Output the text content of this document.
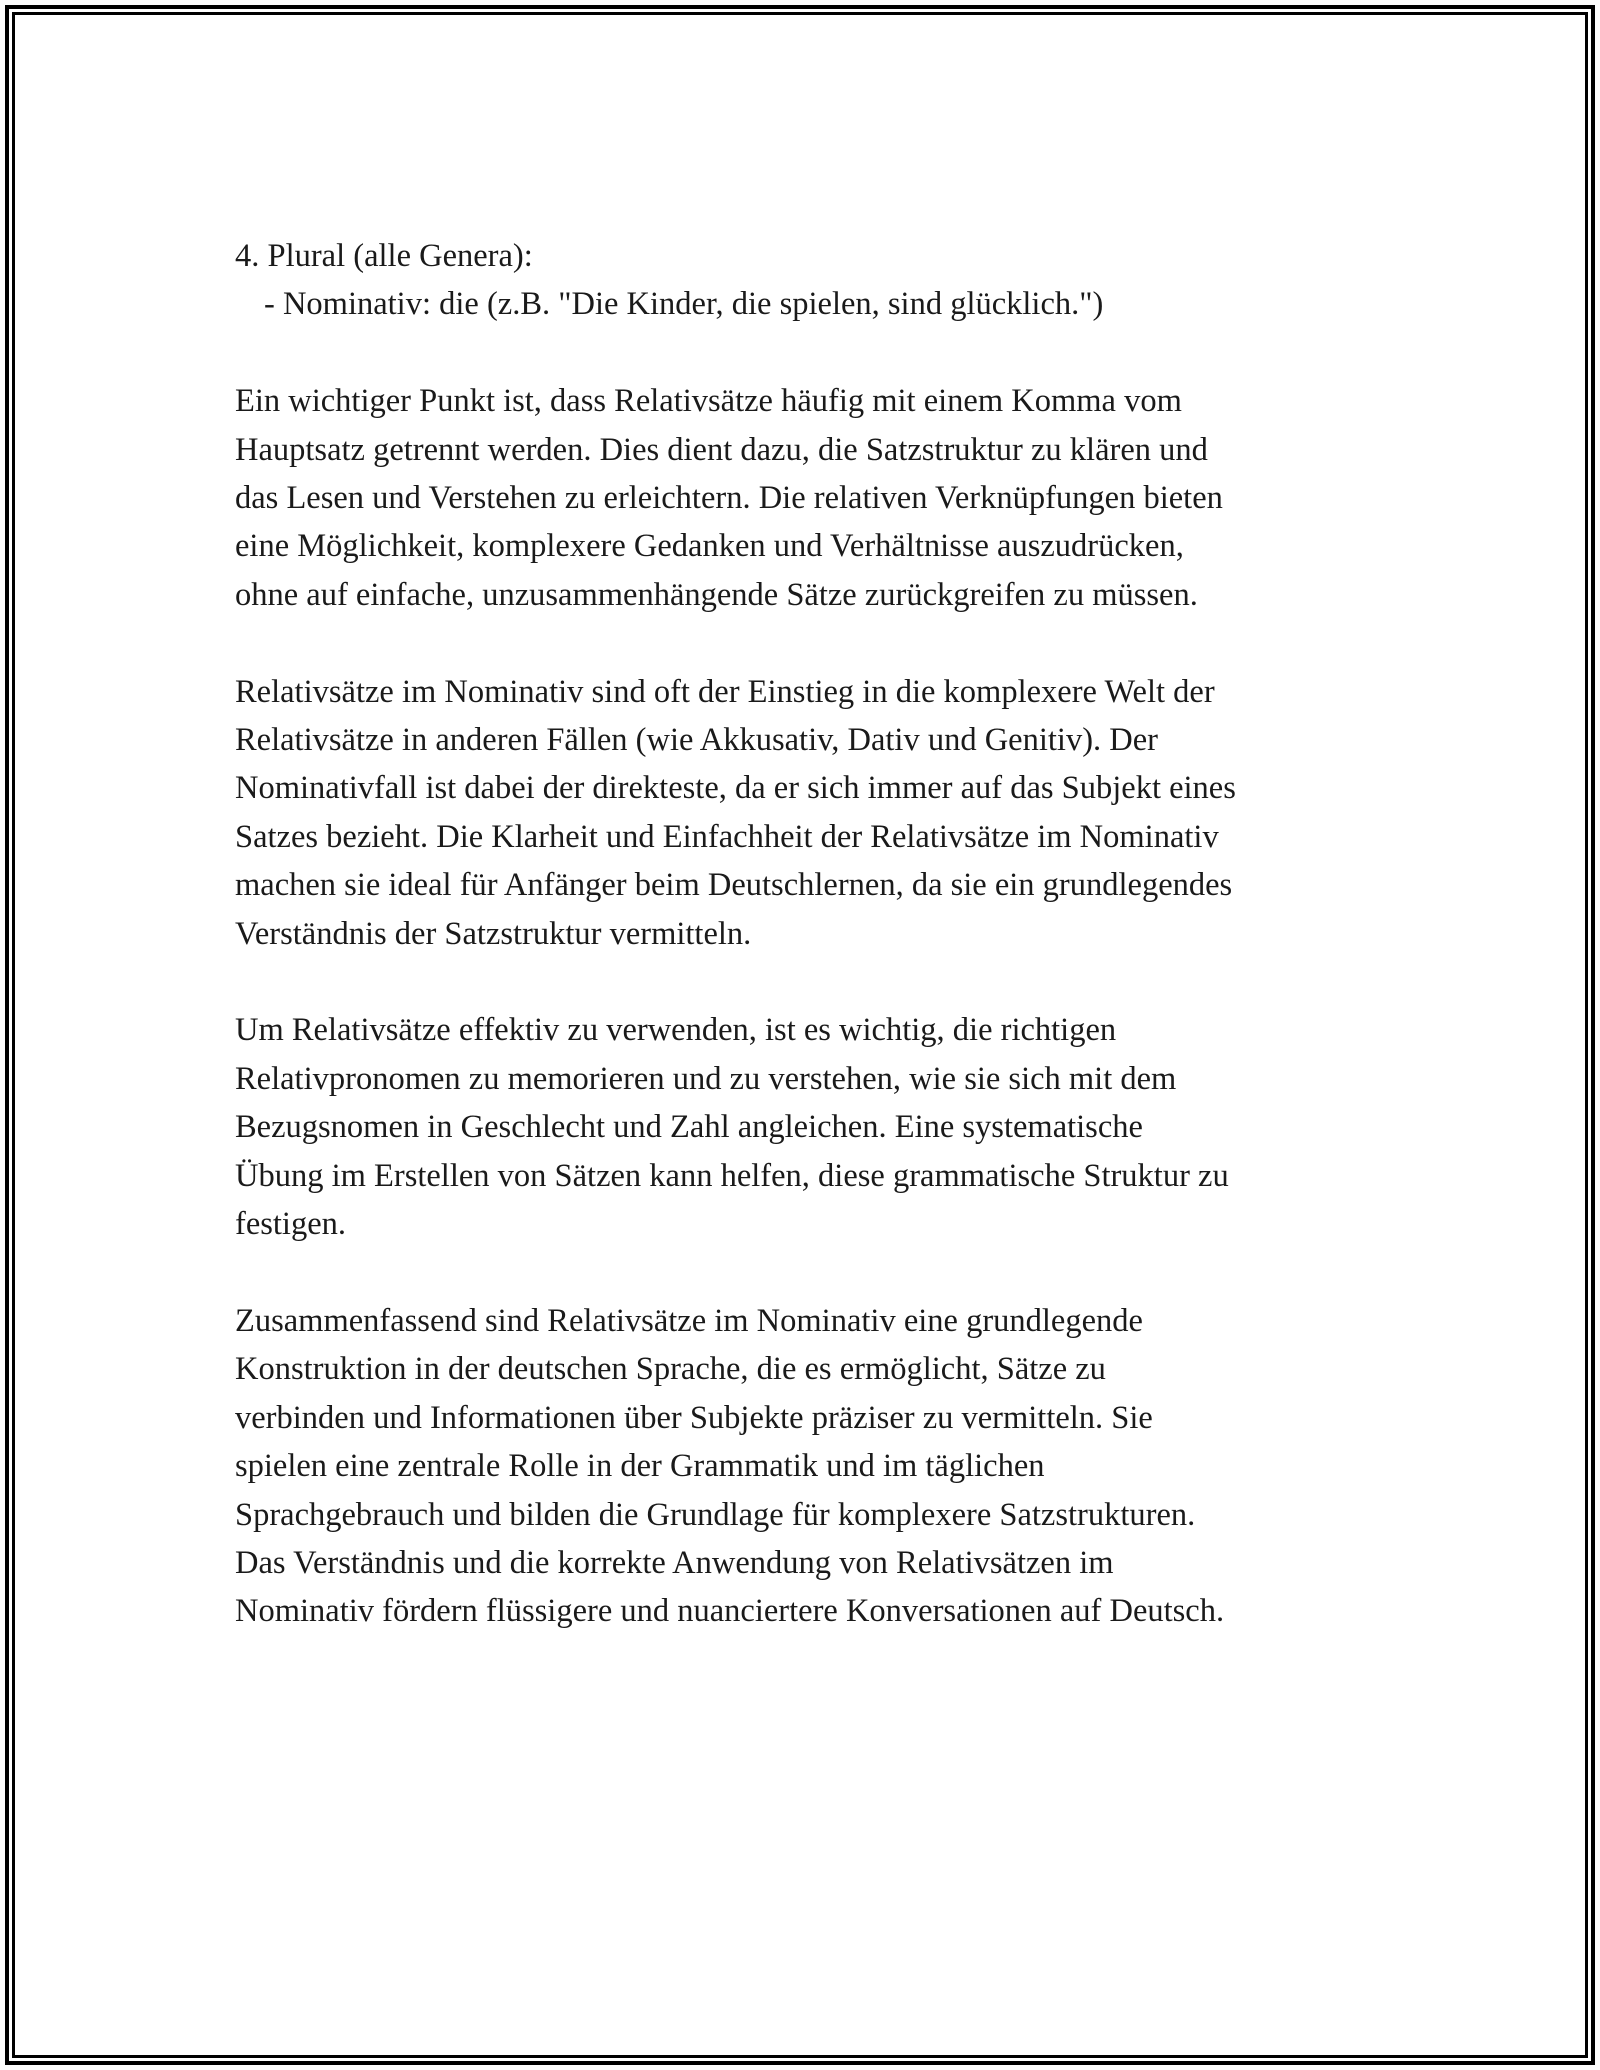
4. Plural (alle Genera):
- Nominativ: die (z.B. "Die Kinder, die spielen, sind glücklich.")
Ein wichtiger Punkt ist, dass Relativsätze häufig mit einem Komma vom
Hauptsatz getrennt werden. Dies dient dazu, die Satzstruktur zu klären und
das Lesen und Verstehen zu erleichtern. Die relativen Verknüpfungen bieten
eine Möglichkeit, komplexere Gedanken und Verhältnisse auszudrücken,
ohne auf einfache, unzusammenhängende Sätze zurückgreifen zu müssen.
Relativsätze im Nominativ sind oft der Einstieg in die komplexere Welt der
Relativsätze in anderen Fällen (wie Akkusativ, Dativ und Genitiv). Der
Nominativfall ist dabei der direkteste, da er sich immer auf das Subjekt eines
Satzes bezieht. Die Klarheit und Einfachheit der Relativsätze im Nominativ
machen sie ideal für Anfänger beim Deutschlernen, da sie ein grundlegendes
Verständnis der Satzstruktur vermitteln.
Um Relativsätze effektiv zu verwenden, ist es wichtig, die richtigen
Relativpronomen zu memorieren und zu verstehen, wie sie sich mit dem
Bezugsnomen in Geschlecht und Zahl angleichen. Eine systematische
Übung im Erstellen von Sätzen kann helfen, diese grammatische Struktur zu
festigen.
Zusammenfassend sind Relativsätze im Nominativ eine grundlegende
Konstruktion in der deutschen Sprache, die es ermöglicht, Sätze zu
verbinden und Informationen über Subjekte präziser zu vermitteln. Sie
spielen eine zentrale Rolle in der Grammatik und im täglichen
Sprachgebrauch und bilden die Grundlage für komplexere Satzstrukturen.
Das Verständnis und die korrekte Anwendung von Relativsätzen im
Nominativ fördern flüssigere und nuanciertere Konversationen auf Deutsch.
